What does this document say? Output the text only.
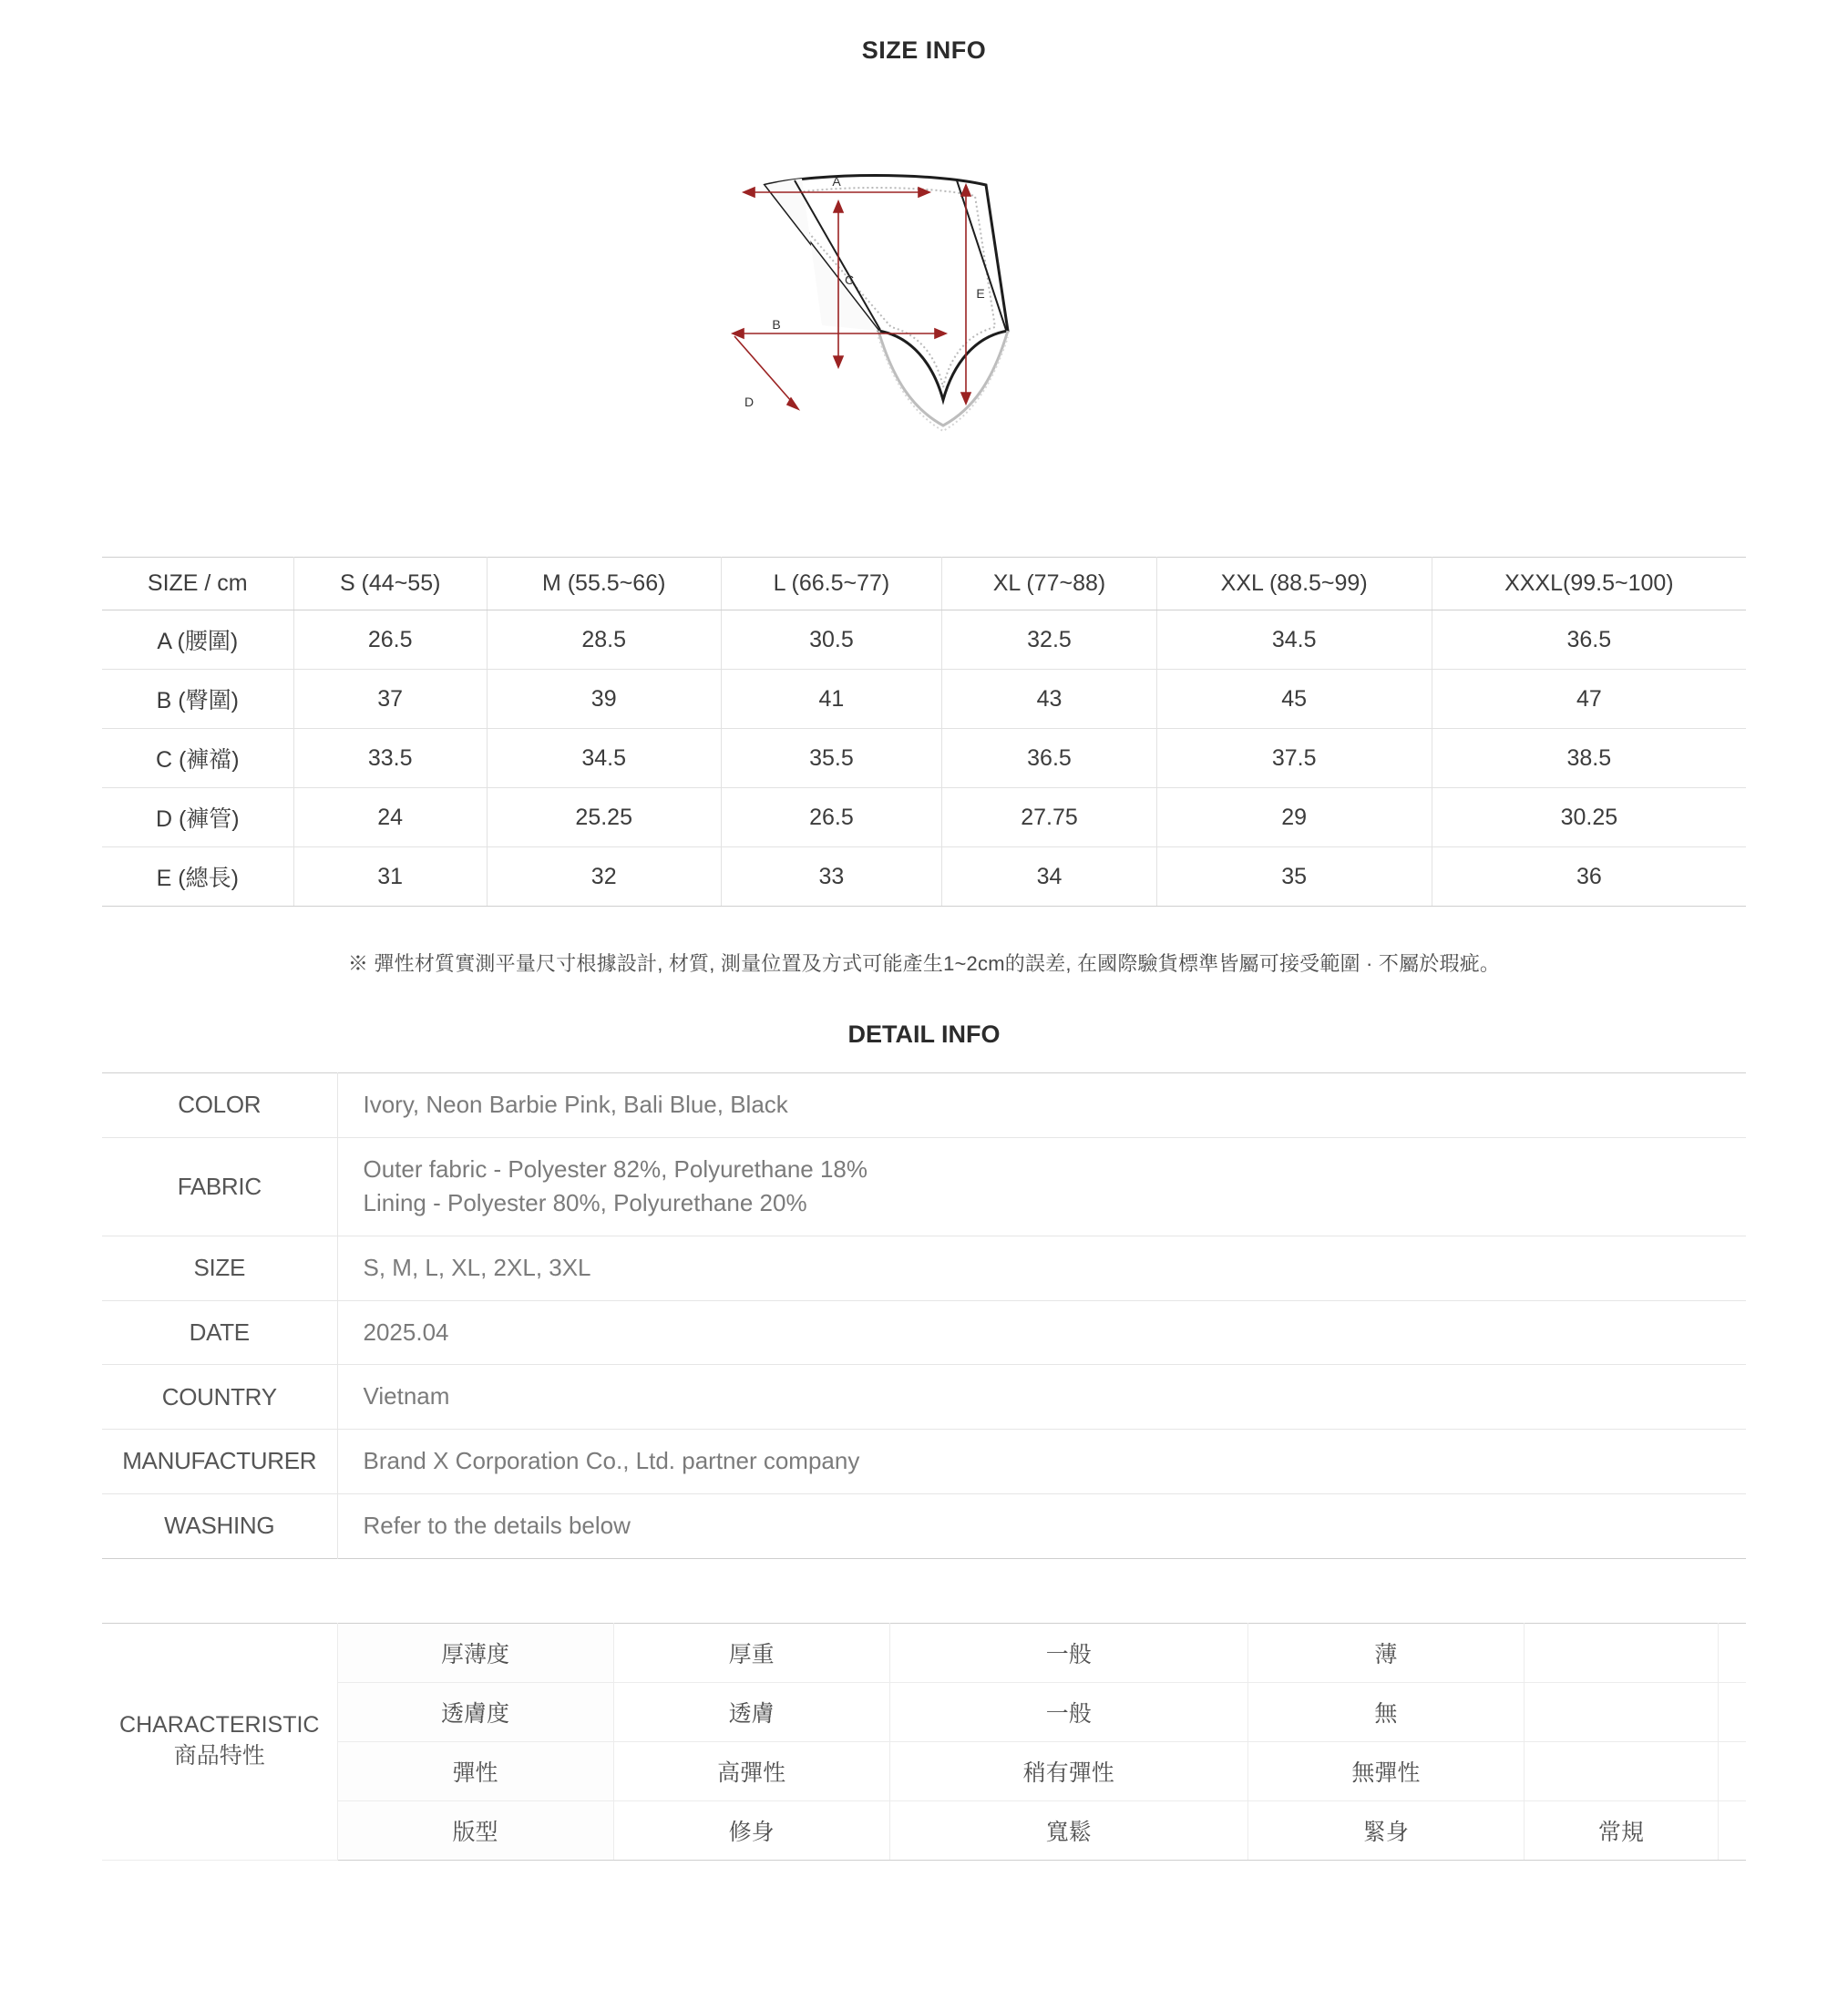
SIZE INFO
A
B
C
D
E
SIZE / cm	S (44~55)	M (55.5~66)	L (66.5~77)	XL (77~88)	XXL (88.5~99)	XXXL(99.5~100)
A (腰圍)	26.5	28.5	30.5	32.5	34.5	36.5
B (臀圍)	37	39	41	43	45	47
C (褲襠)	33.5	34.5	35.5	36.5	37.5	38.5
D (褲管)	24	25.25	26.5	27.75	29	30.25
E (總長)	31	32	33	34	35	36
※ 彈性材質實測平量尺寸根據設計, 材質, 測量位置及方式可能產生1~2cm的誤差, 在國際驗貨標準皆屬可接受範圍 · 不屬於瑕疵。
DETAIL INFO
COLOR	Ivory, Neon Barbie Pink, Bali Blue, Black
FABRIC	Outer fabric - Polyester 82%, Polyurethane 18%
Lining - Polyester 80%, Polyurethane 20%
SIZE	S, M, L, XL, 2XL, 3XL
DATE	2025.04
COUNTRY	Vietnam
MANUFACTURER	Brand X Corporation Co., Ltd. partner company
WASHING	Refer to the details below
CHARACTERISTIC
商品特性	厚薄度	厚重	一般	薄		
	透膚度	透膚	一般	無		
	彈性	高彈性	稍有彈性	無彈性		
	版型	修身	寬鬆	緊身	常規	
